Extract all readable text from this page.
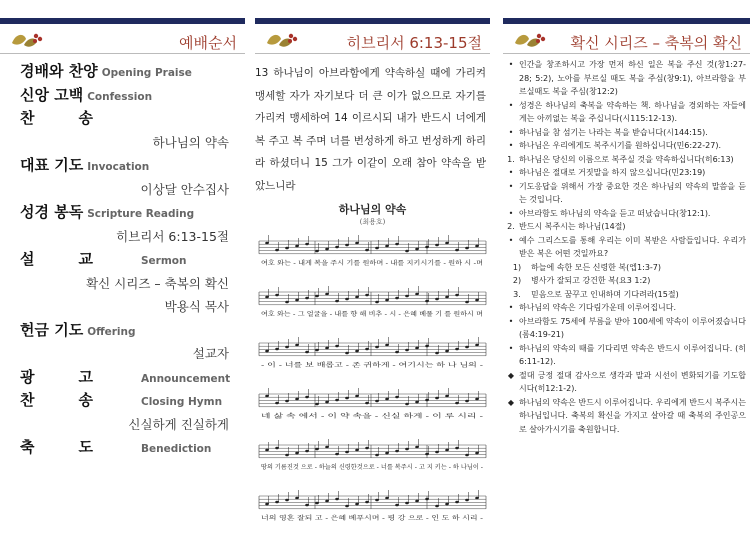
예배순서
경배와 찬양 Opening Praise
신앙 고백 Confession
찬송
하나님의 약속
대표 기도 Invocation
이상달 안수집사
성경 봉독 Scripture Reading
히브리서 6:13-15절
설교 Sermon
확신 시리즈 – 축복의 확신
박용식 목사
헌금 기도 Offering
설교자
광고 Announcement
찬송 Closing Hymn
신실하게 진실하게
축도 Benediction
히브리서 6:13-15절
13 하나님이 아브라함에게 약속하실 때에 가리켜 맹세할 자가 자기보다 더 큰 이가 없으므로 자기를 가리켜 맹세하여 14 이르시되 내가 반드시 너에게 복 주고 복 주며 너를 번성하게 하고 번성하게 하리라 하셨더니 15 그가 이같이 오래 참아 약속을 받았느니라
하나님의 약속
(최용호)
여호 와는 - 내게 복을 주시 기를 원하며 - 내를 지키시기를 - 원하 시 -며
여호 와는 - 그 얼굴을 - 내를 향 해 비추 - 시 - 은혜 베풀 기 를 원하시 며
- 이 - 너를 보 배롭고 - 존 귀하게 - 여기시는 하 나 님의 -
네 삶 속 에서 - 이 약 속을 - 신실 하게 - 이 루 시리 -
땅의 기름진것 으로 - 하늘의 신령한것으로 - 너를 복주시 - 고 지 키는 - 하 나님이 -
너의 영혼 잘되 고 - 은혜 베푸시며 - 평 강 으로 - 인 도 하 시리 -
확신 시리즈 – 축복의 확신
• 인간을 창조하시고 가장 먼저 하신 일은 복을 주신 것(창1:27-28; 5:2), 노아를 부르실 때도 복을 주심(창9:1), 아브라함을 부르실때도 복을 주심(창12:2)
• 성경은 하나님의 축복을 약속하는 책. 하나님을 경외하는 자들에게는 아끼없는 복을 주십니다(시115:12-13).
• 하나님을 참 섬기는 나라는 복을 받습니다(시144:15).
• 하나님은 우리에게도 복주시기를 원하십니다(민6:22-27).
1. 하나님은 당신의 이름으로 복주실 것을 약속하십니다(히6:13)
• 하나님은 절대로 거짓말을 하지 않으십니다(민23:19)
• 기도응답을 위해서 가장 중요한 것은 하나님의 약속의 말씀을 듣는 것입니다.
• 아브라함도 하나님의 약속을 듣고 떠났습니다(창12:1).
2. 반드시 복주시는 하나님(14절)
• 예수 그리스도를 통해 우리는 이미 복받은 사람들입니다. 우리가 받은 복은 어떤 것일까요?
1)	하늘에 속한 모든 신령한 복(엡1:3-7)
2)	병사가 잘되고 강건한 복(요3 1:2)
3.	믿음으로 꿈꾸고 인내하며 기다려라(15절)
• 하나님의 약속은 기다림가운데 이루어집니다.
• 아브라함도 75세에 부름을 받아 100세에 약속이 이루어졌습니다(롬4:19-21)
• 하나님의 약속의 때를 기다리면 약속은 반드시 이루어집니다. (히6:11-12).
◆ 절대 긍정 절대 감사으로 생각과 말과 시선이 변화되기를 기도합시다(히12:1-2).
◆ 하나님의 약속은 반드시 이루어집니다. 우리에게 반드시 복주시는 하나님입니다. 축복의 확신을 가지고 살아갈 때 축복의 주인공으로 살아가시기를 축원합니다.
